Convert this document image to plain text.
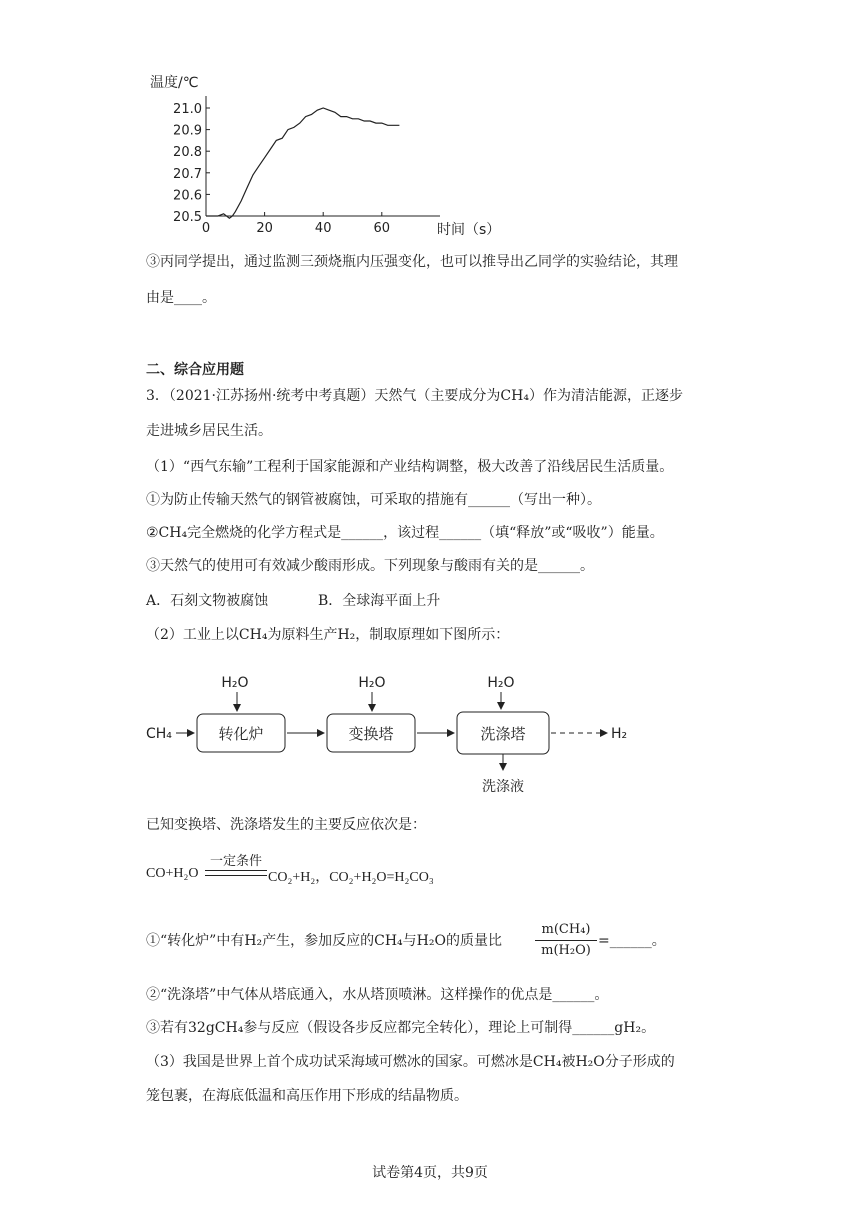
温度/℃
21.0
20.9
20.8
20.7
20.6
20.5
0	20	40	60	时间（s）
③丙同学提出，通过监测三颈烧瓶内压强变化，也可以推导出乙同学的实验结论，其理
由是____。
二、综合应用题
3．（2021·江苏扬州·统考中考真题）天然气（主要成分为CH₄）作为清洁能源，正逐步
走进城乡居民生活。
（1）“西气东输”工程利于国家能源和产业结构调整，极大改善了沿线居民生活质量。
①为防止传输天然气的钢管被腐蚀，可采取的措施有______（写出一种）。
②CH₄完全燃烧的化学方程式是______，该过程______（填“释放”或“吸收”）能量。
③天然气的使用可有效减少酸雨形成。下列现象与酸雨有关的是______。
A．石刻文物被腐蚀	B．全球海平面上升
（2）工业上以CH₄为原料生产H₂，制取原理如下图所示：
CH₄	转化炉
H₂O
变换塔
H₂O
洗涤塔
H₂O
H₂
洗涤液
已知变换塔、洗涤塔发生的主要反应依次是：
CO+H₂O
一定条件
CO₂+H₂，CO₂+H₂O=H₂CO₃
①“转化炉”中有H₂产生，参加反应的CH₄与H₂O的质量比	$\frac{\text{m(CH₄)}}{\text{m(H₂O)}}$ =______。
②“洗涤塔”中气体从塔底通入，水从塔顶喷淋。这样操作的优点是______。
③若有32gCH₄参与反应（假设各步反应都完全转化），理论上可制得______gH₂。
（3）我国是世界上首个成功试采海域可燃冰的国家。可燃冰是CH₄被H₂O分子形成的
笼包裹，在海底低温和高压作用下形成的结晶物质。
试卷第4页，共9页
